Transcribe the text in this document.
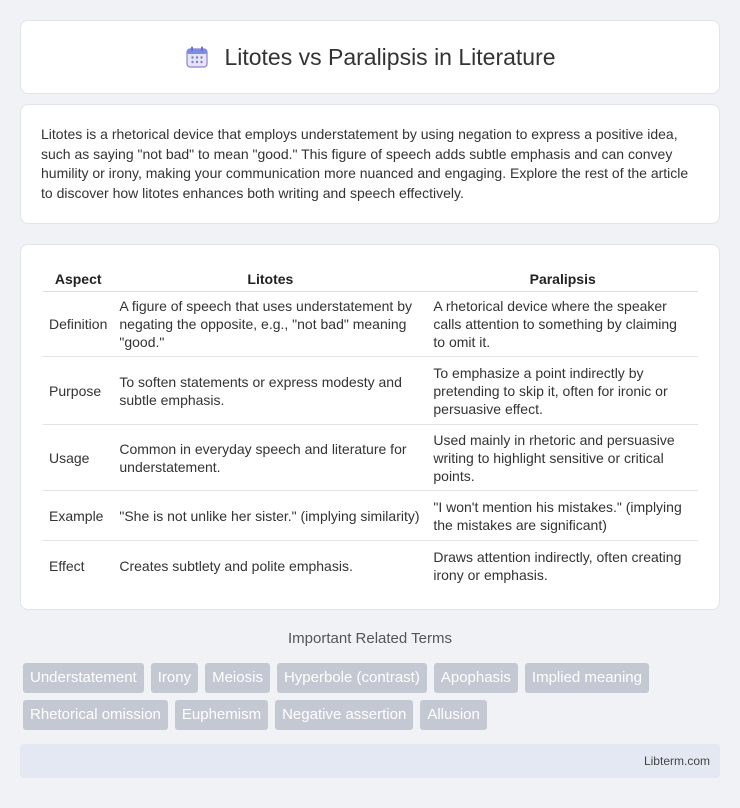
Litotes vs Paralipsis in Literature

Litotes is a rhetorical device that employs understatement by using negation to express a positive idea, such as saying "not bad" to mean "good." This figure of speech adds subtle emphasis and can convey humility or irony, making your communication more nuanced and engaging. Explore the rest of the article to discover how litotes enhances both writing and speech effectively.

Aspect	Litotes	Paralipsis
Definition	A figure of speech that uses understatement by negating the opposite, e.g., "not bad" meaning "good."	A rhetorical device where the speaker calls attention to something by claiming to omit it.
Purpose	To soften statements or express modesty and subtle emphasis.	To emphasize a point indirectly by pretending to skip it, often for ironic or persuasive effect.
Usage	Common in everyday speech and literature for understatement.	Used mainly in rhetoric and persuasive writing to highlight sensitive or critical points.
Example	"She is not unlike her sister." (implying similarity)	"I won't mention his mistakes." (implying the mistakes are significant)
Effect	Creates subtlety and polite emphasis.	Draws attention indirectly, often creating irony or emphasis.
Important Related Terms
Understatement	Irony	Meiosis	Hyperbole (contrast)	Apophasis	Implied meaning
Rhetorical omission	Euphemism	Negative assertion	Allusion
Libterm.com
